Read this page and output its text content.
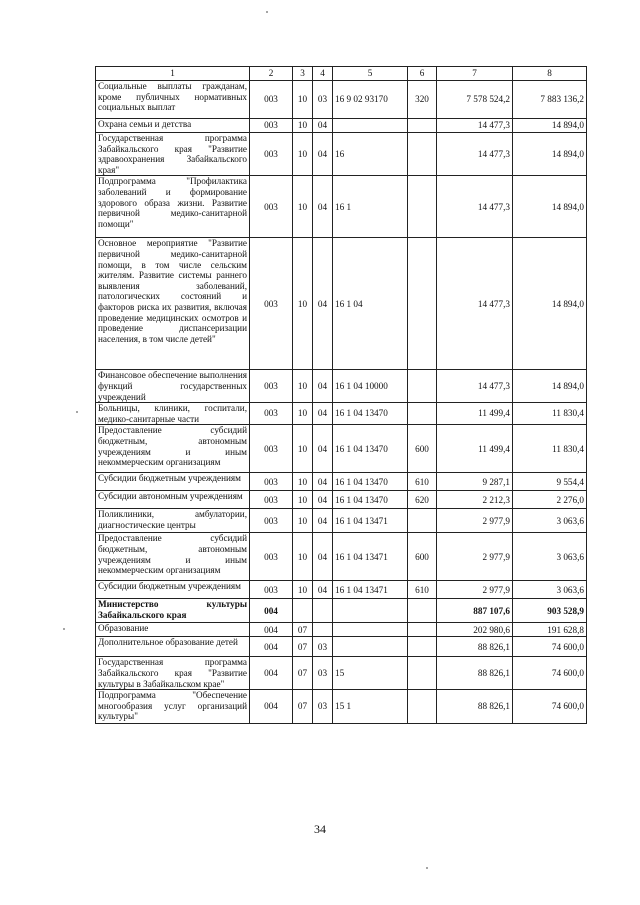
1	2	3	4	5	6	7	8
Социальные выплаты гражданам, кроме публичных нормативных социальных выплат	003	10	03	16 9 02 93170	320	7 578 524,2	7 883 136,2
Охрана семьи и детства	003	10	04			14 477,3	14 894,0
Государственная программа Забайкальского края "Развитие здравоохранения Забайкальского края"	003	10	04	16		14 477,3	14 894,0
Подпрограмма "Профилактика заболеваний и формирование здорового образа жизни. Развитие первичной медико-санитарной помощи"	003	10	04	16 1		14 477,3	14 894,0
Основное мероприятие "Развитие первичной медико-санитарной помощи, в том числе сельским жителям. Развитие системы раннего выявления заболеваний, патологических состояний и факторов риска их развития, включая проведение медицинских осмотров и проведение диспансеризации населения, в том числе детей"	003	10	04	16 1 04		14 477,3	14 894,0
Финансовое обеспечение выполнения функций государственных учреждений	003	10	04	16 1 04 10000		14 477,3	14 894,0
Больницы, клиники, госпитали, медико-санитарные части	003	10	04	16 1 04 13470		11 499,4	11 830,4
Предоставление субсидий бюджетным, автономным учреждениям и иным некоммерческим организациям	003	10	04	16 1 04 13470	600	11 499,4	11 830,4
Субсидии бюджетным учреждениям	003	10	04	16 1 04 13470	610	9 287,1	9 554,4
Субсидии автономным учреждениям	003	10	04	16 1 04 13470	620	2 212,3	2 276,0
Поликлиники, амбулатории, диагностические центры	003	10	04	16 1 04 13471		2 977,9	3 063,6
Предоставление субсидий бюджетным, автономным учреждениям и иным некоммерческим организациям	003	10	04	16 1 04 13471	600	2 977,9	3 063,6
Субсидии бюджетным учреждениям	003	10	04	16 1 04 13471	610	2 977,9	3 063,6
Министерство культуры Забайкальского края	004					887 107,6	903 528,9
Образование	004	07				202 980,6	191 628,8
Дополнительное образование детей	004	07	03			88 826,1	74 600,0
Государственная программа Забайкальского края "Развитие культуры в Забайкальском крае"	004	07	03	15		88 826,1	74 600,0
Подпрограмма "Обеспечение многообразия услуг организаций культуры"	004	07	03	15 1		88 826,1	74 600,0
34
